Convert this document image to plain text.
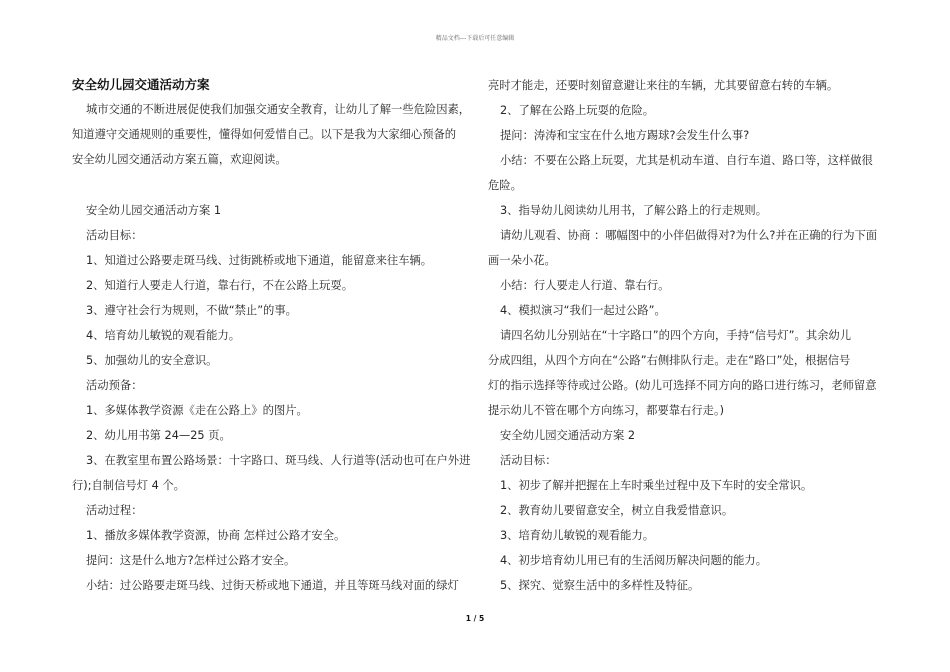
精品文档---下载后可任意编辑
安全幼儿园交通活动方案
城市交通的不断进展促使我们加强交通安全教育，让幼儿了解一些危险因素，
知道遵守交通规则的重要性，懂得如何爱惜自己。以下是我为大家细心预备的
安全幼儿园交通活动方案五篇，欢迎阅读。
安全幼儿园交通活动方案 1
活动目标：
1、知道过公路要走斑马线、过街跳桥或地下通道，能留意来往车辆。
2、知道行人要走人行道，靠右行，不在公路上玩耍。
3、遵守社会行为规则，不做“禁止”的事。
4、培育幼儿敏锐的观看能力。
5、加强幼儿的安全意识。
活动预备：
1、多媒体教学资源《走在公路上》的图片。
2、幼儿用书第 24—25 页。
3、在教室里布置公路场景：十字路口、斑马线、人行道等(活动也可在户外进
行);自制信号灯 4 个。
活动过程：
1、播放多媒体教学资源，协商 怎样过公路才安全。
提问：这是什么地方?怎样过公路才安全。
小结：过公路要走斑马线、过街天桥或地下通道，并且等斑马线对面的绿灯
亮时才能走，还要时刻留意避让来往的车辆，尤其要留意右转的车辆。
2、了解在公路上玩耍的危险。
提问：涛涛和宝宝在什么地方踢球?会发生什么事?
小结：不要在公路上玩耍，尤其是机动车道、自行车道、路口等，这样做很
危险。
3、指导幼儿阅读幼儿用书，了解公路上的行走规则。
请幼儿观看、协商 ：哪幅图中的小伴侣做得对?为什么?并在正确的行为下面
画一朵小花。
小结：行人要走人行道、靠右行。
4、模拟演习“我们一起过公路”。
请四名幼儿分别站在“十字路口”的四个方向，手持“信号灯”。其余幼儿
分成四组，从四个方向在“公路”右侧排队行走。走在“路口”处，根据信号
灯的指示选择等待或过公路。(幼儿可选择不同方向的路口进行练习，老师留意
提示幼儿不管在哪个方向练习，都要靠右行走。)
安全幼儿园交通活动方案 2
活动目标：
1、初步了解并把握在上车时乘坐过程中及下车时的安全常识。
2、教育幼儿要留意安全，树立自我爱惜意识。
3、培育幼儿敏锐的观看能力。
4、初步培育幼儿用已有的生活阅历解决问题的能力。
5、探究、觉察生活中的多样性及特征。
1 / 5
